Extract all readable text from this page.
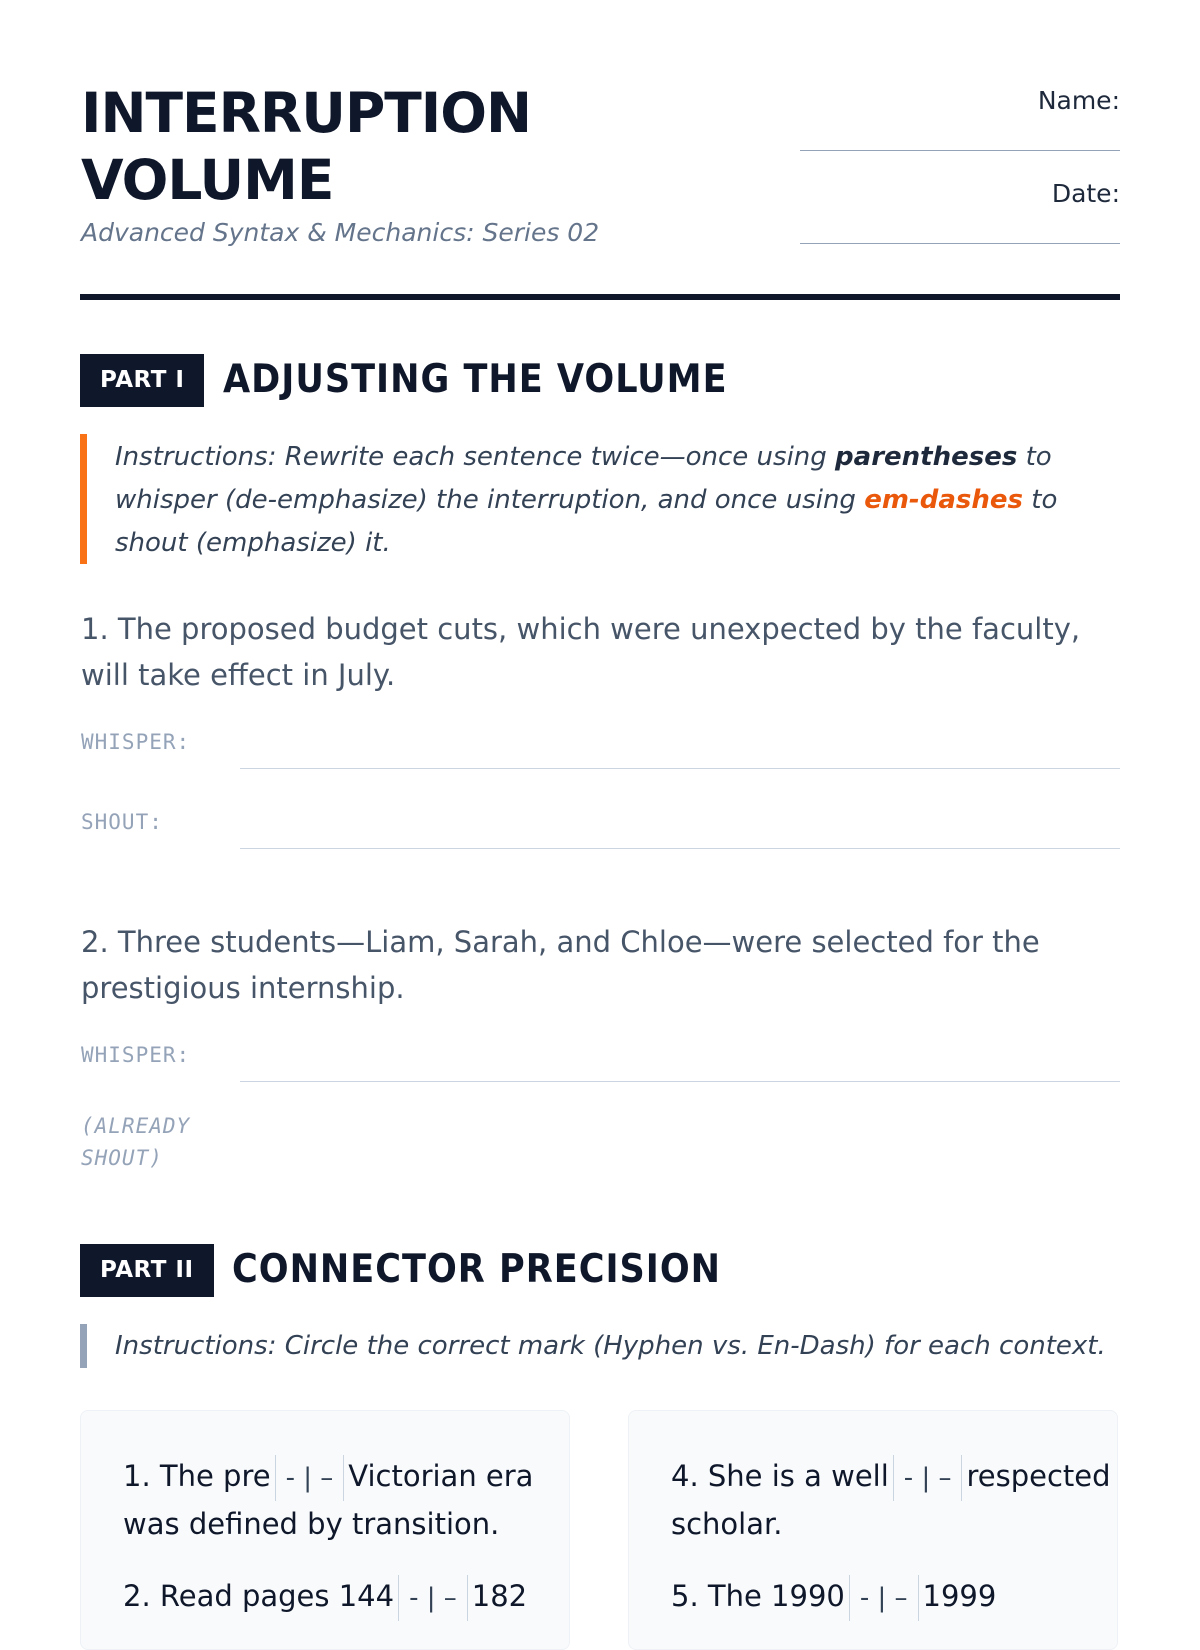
INTERRUPTION
VOLUME
Advanced Syntax & Mechanics: Series 02
Name:
Date:
PART I ADJUSTING THE VOLUME
Instructions: Rewrite each sentence twice—once using parentheses to whisper (de-emphasize) the interruption, and once using em-dashes to shout (emphasize) it.
1. The proposed budget cuts, which were unexpected by the faculty, will take effect in July.
WHISPER:
SHOUT:
2. Three students—Liam, Sarah, and Chloe—were selected for the prestigious internship.
WHISPER:
(ALREADY SHOUT)
PART II CONNECTOR PRECISION
Instructions: Circle the correct mark (Hyphen vs. En-Dash) for each context.
1. The pre - | – Victorian era was defined by transition.
2. Read pages 144 - | – 182
4. She is a well - | – respected scholar.
5. The 1990 - | – 1999
